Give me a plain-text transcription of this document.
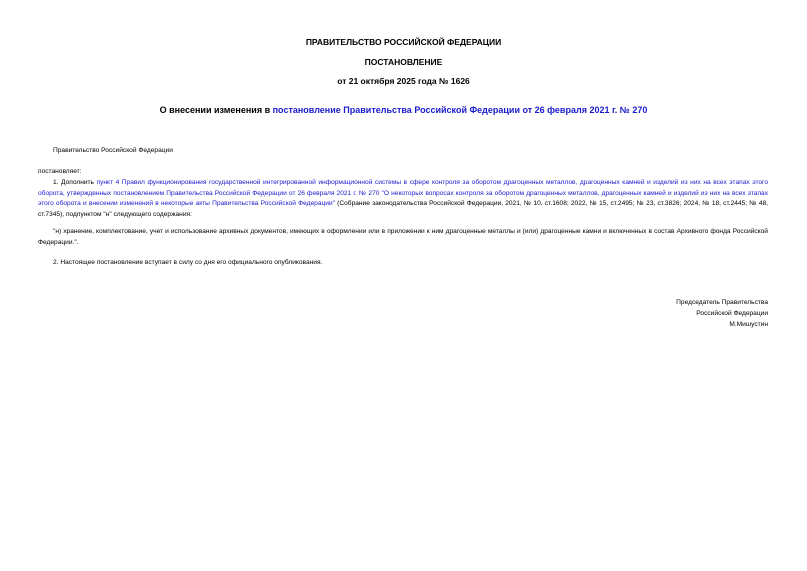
ПРАВИТЕЛЬСТВО РОССИЙСКОЙ ФЕДЕРАЦИИ
ПОСТАНОВЛЕНИЕ
от 21 октября 2025 года № 1626
О внесении изменения в постановление Правительства Российской Федерации от 26 февраля 2021 г. № 270
Правительство Российской Федерации
постановляет:
1. Дополнить пункт 4 Правил функционирования государственной интегрированной информационной системы в сфере контроля за оборотом драгоценных металлов, драгоценных камней и изделий из них на всех этапах этого оборота, утвержденных постановлением Правительства Российской Федерации от 26 февраля 2021 г. № 270 "О некоторых вопросах контроля за оборотом драгоценных металлов, драгоценных камней и изделий из них на всех этапах этого оборота и внесении изменений в некоторые акты Правительства Российской Федерации" (Собрание законодательства Российской Федерации, 2021, № 10, ст.1608; 2022, № 15, ст.2495; № 23, ст.3826; 2024, № 18, ст.2445; № 48, ст.7345), подпунктом "н" следующего содержания:
"н) хранение, комплектование, учет и использование архивных документов, имеющих в оформлении или в приложении к ним драгоценные металлы и (или) драгоценные камни и включенных в состав Архивного фонда Российской Федерации.".
2. Настоящее постановление вступает в силу со дня его официального опубликования.
Председатель Правительства
Российской Федерации
М.Мишустин
